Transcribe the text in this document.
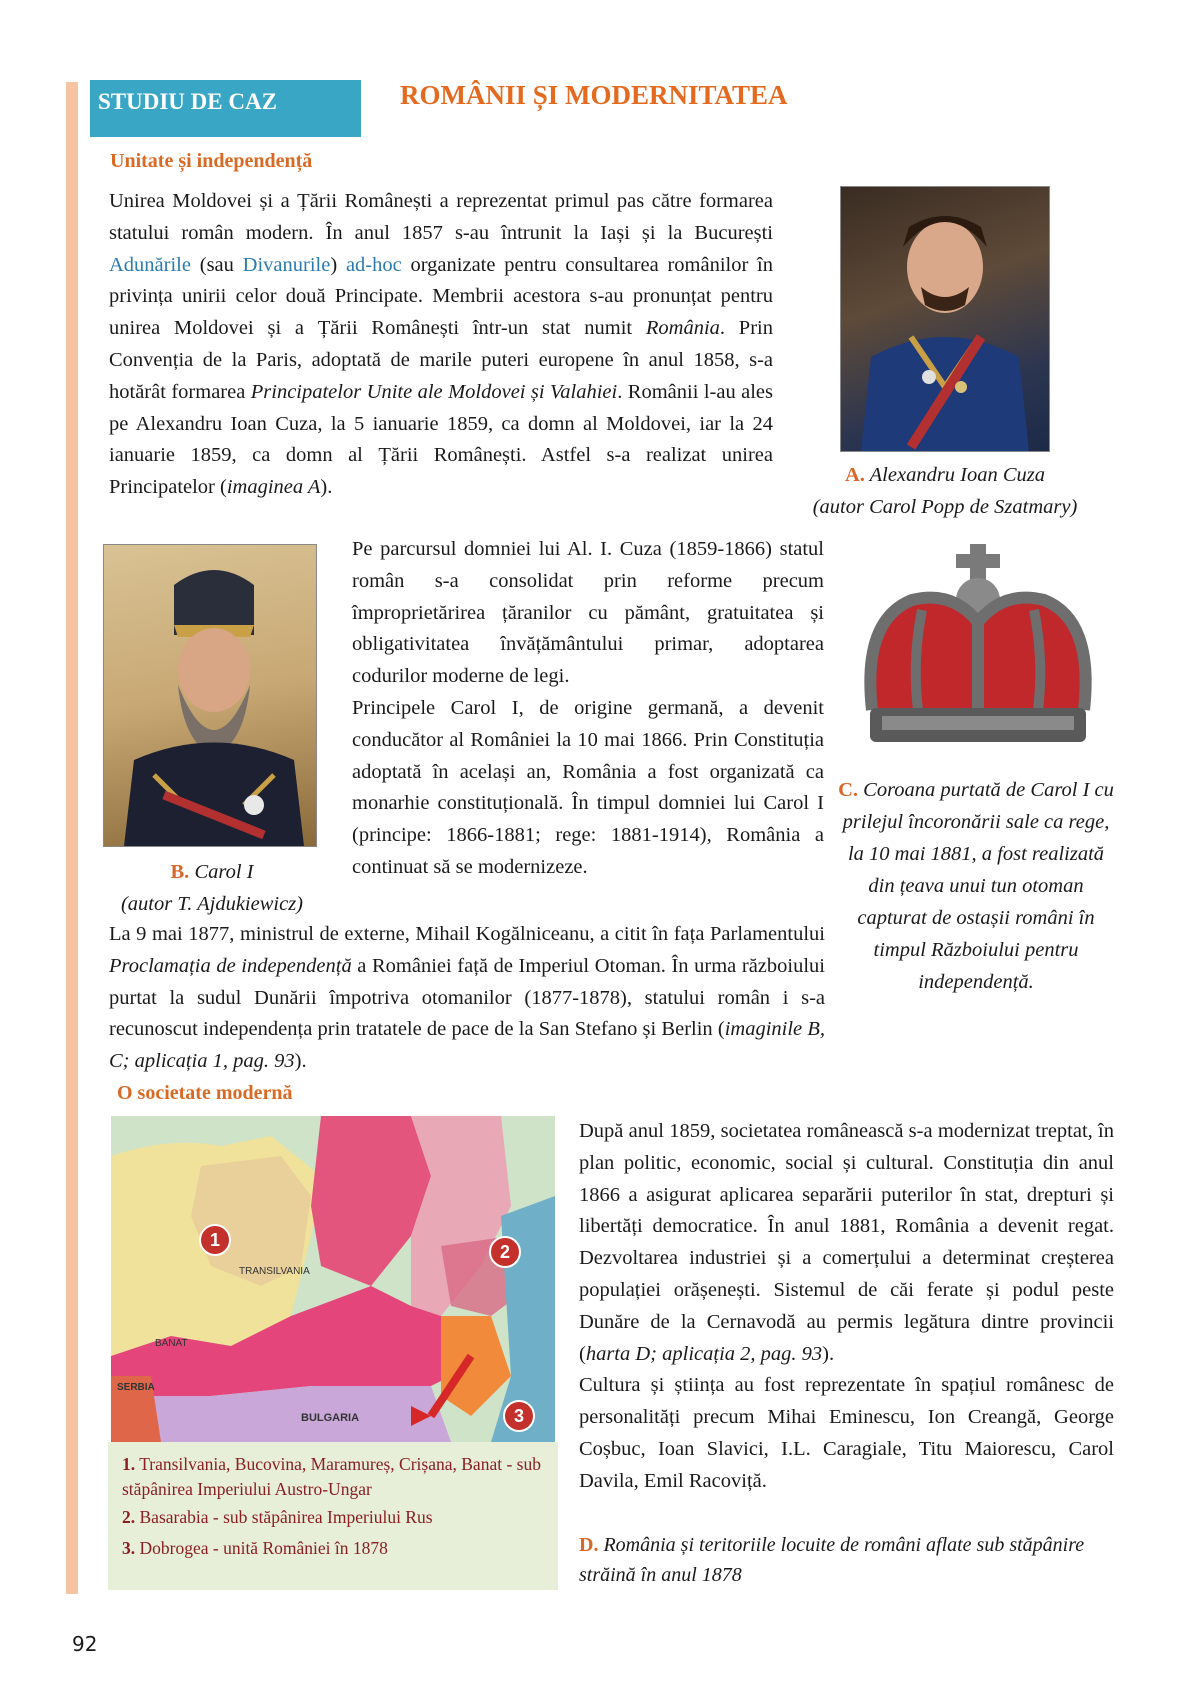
STUDIU DE CAZ	ROMÂNII ȘI MODERNITATEA
Unitate și independență

Unirea Moldovei și a Țării Românești a reprezentat primul pas către formarea statului român modern. În anul 1857 s-au întrunit la Iași și la București Adunările (sau Divanurile) ad-hoc organizate pentru consultarea românilor în privința unirii celor două Principate. Membrii acestora s-au pronunțat pentru unirea Moldovei și a Țării Românești într-un stat numit România. Prin Convenția de la Paris, adoptată de marile puteri europene în anul 1858, s-a hotărât formarea Principatelor Unite ale Moldovei și Valahiei. Românii l-au ales pe Alexandru Ioan Cuza, la 5 ianuarie 1859, ca domn al Moldovei, iar la 24 ianuarie 1859, ca domn al Țării Românești. Astfel s-a realizat unirea Principatelor (imaginea A).

A. Alexandru Ioan Cuza
(autor Carol Popp de Szatmary)
B. Carol I
(autor T. Ajdukiewicz)

Pe parcursul domniei lui Al. I. Cuza (1859-1866) statul român s-a consolidat prin reforme precum împroprietărirea țăranilor cu pământ, gratuitatea și obligativitatea învățământului primar, adoptarea codurilor moderne de legi.

Principele Carol I, de origine germană, a devenit conducător al României la 10 mai 1866. Prin Constituția adoptată în același an, România a fost organizată ca monarhie constituțională. În timpul domniei lui Carol I (principe: 1866-1881; rege: 1881-1914), România a continuat să se modernizeze.

C. Coroana purtată de Carol I cu prilejul încoronării sale ca rege, la 10 mai 1881, a fost realizată din țeava unui tun otoman capturat de ostașii români în timpul Războiului pentru independență.

La 9 mai 1877, ministrul de externe, Mihail Kogălniceanu, a citit în fața Parlamentului Proclamația de independență a României față de Imperiul Otoman. În urma războiului purtat la sudul Dunării împotriva otomanilor (1877-1878), statului român i s-a recunoscut independența prin tratatele de pace de la San Stefano și Berlin (imaginile B, C; aplicația 1, pag. 93).

O societate modernă
1
2
3
TRANSILVANIA
BANAT
BULGARIA
SERBIA
1. Transilvania, Bucovina, Maramureș, Crișana, Banat - sub stăpânirea Imperiului Austro-Ungar
2. Basarabia - sub stăpânirea Imperiului Rus
3. Dobrogea - unită României în 1878

După anul 1859, societatea românească s-a modernizat treptat, în plan politic, economic, social și cultural. Constituția din anul 1866 a asigurat aplicarea separării puterilor în stat, drepturi și libertăți democratice. În anul 1881, România a devenit regat. Dezvoltarea industriei și a comerțului a determinat creșterea populației orășenești. Sistemul de căi ferate și podul peste Dunăre de la Cernavodă au permis legătura dintre provincii (harta D; aplicația 2, pag. 93).

Cultura și știința au fost reprezentate în spațiul românesc de personalități precum Mihai Eminescu, Ion Creangă, George Coșbuc, Ioan Slavici, I.L. Caragiale, Titu Maiorescu, Carol Davila, Emil Racoviță.

D. România și teritoriile locuite de români aflate sub stăpânire străină în anul 1878
92
